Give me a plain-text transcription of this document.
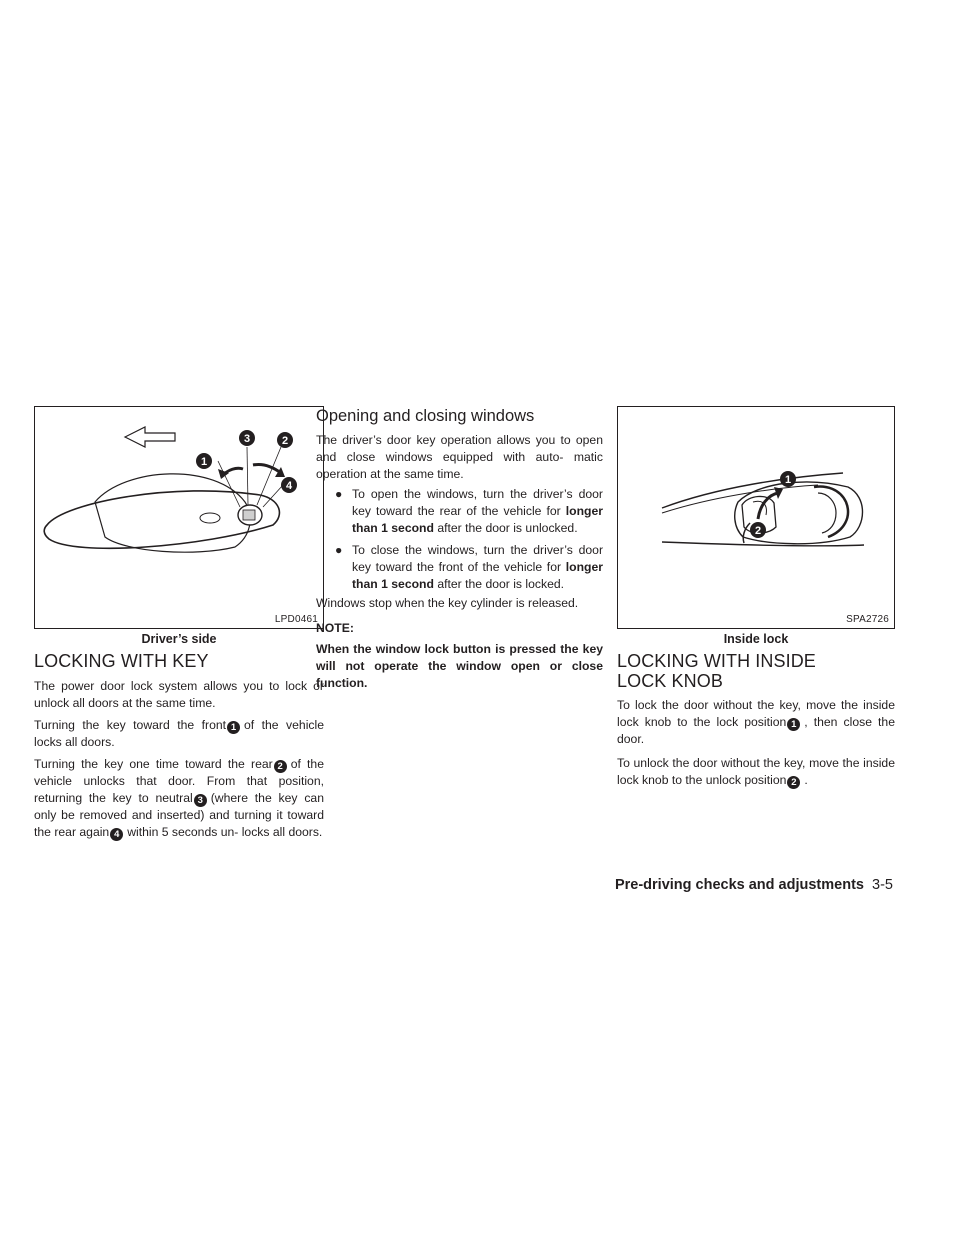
1
2
3
4
LPD0461
Driver’s side
LOCKING WITH KEY

The power door lock system allows you to lock or unlock all doors at the same time.

Turning the key toward the front 1 of the vehicle locks all doors.

Turning the key one time toward the rear 2 of the vehicle unlocks that door. From that position, returning the key to neutral 3 (where the key can only be removed and inserted) and turning it toward the rear again 4 within 5 seconds un- locks all doors.

Opening and closing windows

The driver’s door key operation allows you to open and close windows equipped with auto- matic operation at the same time.

● To open the windows, turn the driver’s door key toward the rear of the vehicle for longer than 1 second after the door is unlocked.
● To close the windows, turn the driver’s door key toward the front of the vehicle for longer than 1 second after the door is locked.

Windows stop when the key cylinder is released.

NOTE:

When the window lock button is pressed the key will not operate the window open or close function.

1
2
SPA2726
Inside lock
LOCKING WITH INSIDE LOCK KNOB

To lock the door without the key, move the inside lock knob to the lock position 1 , then close the door.

To unlock the door without the key, move the inside lock knob to the unlock position 2 .

Pre-driving checks and adjustments 3-5
